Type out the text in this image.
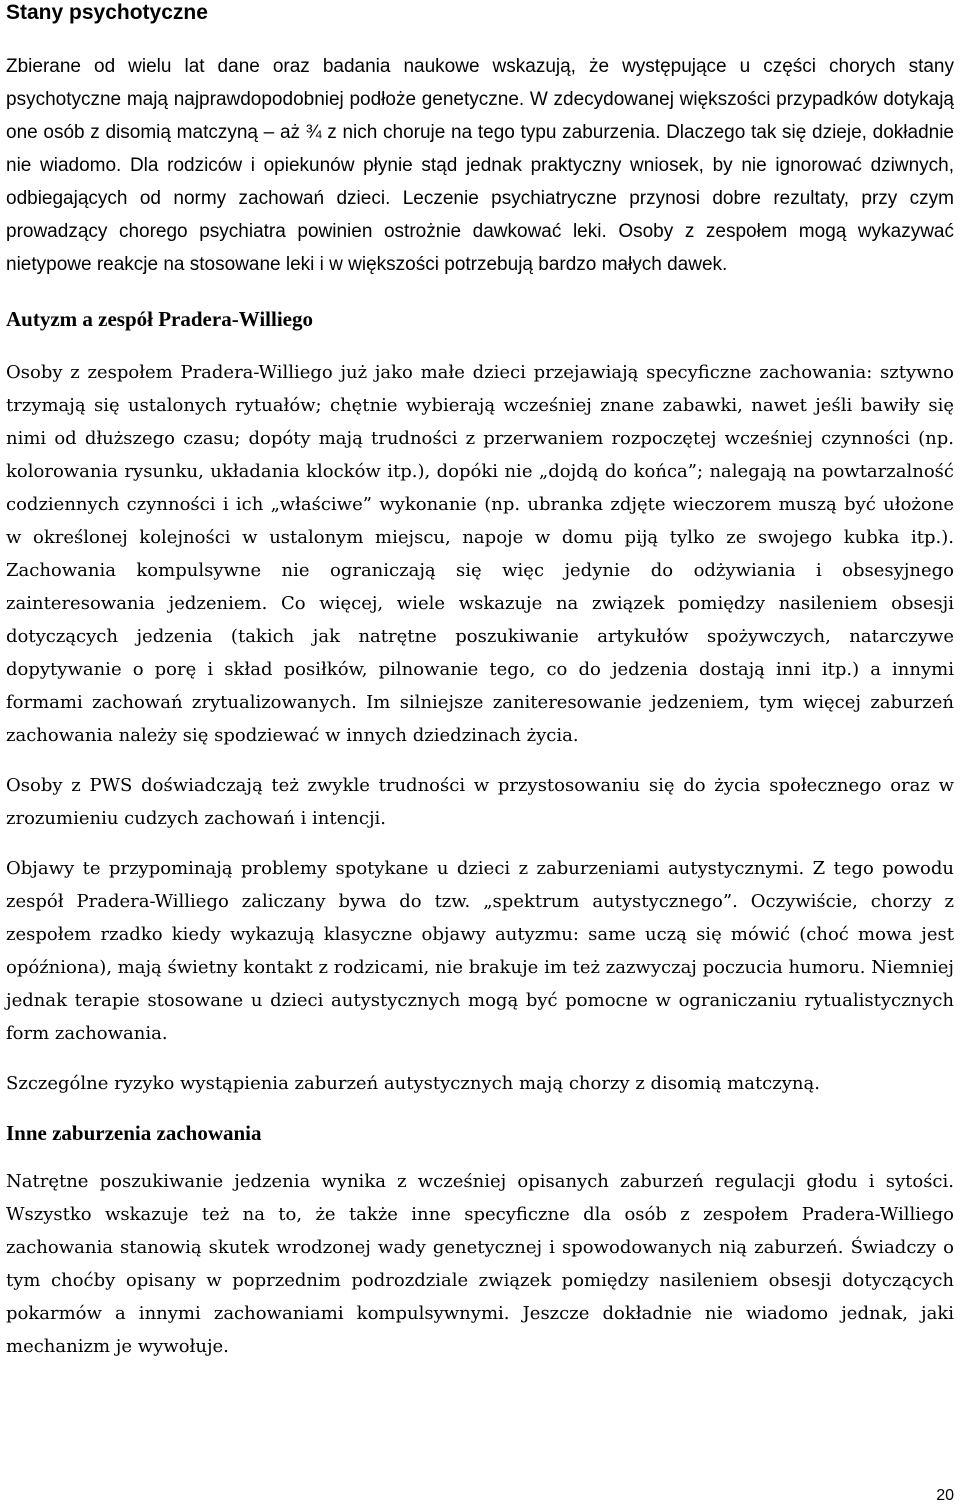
Stany psychotyczne

Zbierane od wielu lat dane oraz badania naukowe wskazują, że występujące u części chorych stany psychotyczne mają najprawdopodobniej podłoże genetyczne. W zdecydowanej większości przypadków dotykają one osób z disomią matczyną – aż ¾ z nich choruje na tego typu zaburzenia. Dlaczego tak się dzieje, dokładnie nie wiadomo. Dla rodziców i opiekunów płynie stąd jednak praktyczny wniosek, by nie ignorować dziwnych, odbiegających od normy zachowań dzieci. Leczenie psychiatryczne przynosi dobre rezultaty, przy czym prowadzący chorego psychiatra powinien ostrożnie dawkować leki. Osoby z zespołem mogą wykazywać nietypowe reakcje na stosowane leki i w większości potrzebują bardzo małych dawek.

Autyzm a zespół Pradera-Williego

Osoby z zespołem Pradera-Williego już jako małe dzieci przejawiają specyficzne zachowania: sztywno trzymają się ustalonych rytuałów; chętnie wybierają wcześniej znane zabawki, nawet jeśli bawiły się nimi od dłuższego czasu; dopóty mają trudności z przerwaniem rozpoczętej wcześniej czynności (np. kolorowania rysunku, układania klocków itp.), dopóki nie „dojdą do końca”; nalegają na powtarzalność codziennych czynności i ich „właściwe” wykonanie (np. ubranka zdjęte wieczorem muszą być ułożone w określonej kolejności w ustalonym miejscu, napoje w domu piją tylko ze swojego kubka itp.). Zachowania kompulsywne nie ograniczają się więc jedynie do odżywiania i obsesyjnego zainteresowania jedzeniem. Co więcej, wiele wskazuje na związek pomiędzy nasileniem obsesji dotyczących jedzenia (takich jak natrętne poszukiwanie artykułów spożywczych, natarczywe dopytywanie o porę i skład posiłków, pilnowanie tego, co do jedzenia dostają inni itp.) a innymi formami zachowań zrytualizowanych. Im silniejsze zaniteresowanie jedzeniem, tym więcej zaburzeń zachowania należy się spodziewać w innych dziedzinach życia.

Osoby z PWS doświadczają też zwykle trudności w przystosowaniu się do życia społecznego oraz w zrozumieniu cudzych zachowań i intencji.

Objawy te przypominają problemy spotykane u dzieci z zaburzeniami autystycznymi. Z tego powodu zespół Pradera-Williego zaliczany bywa do tzw. „spektrum autystycznego”. Oczywiście, chorzy z zespołem rzadko kiedy wykazują klasyczne objawy autyzmu: same uczą się mówić (choć mowa jest opóźniona), mają świetny kontakt z rodzicami, nie brakuje im też zazwyczaj poczucia humoru. Niemniej jednak terapie stosowane u dzieci autystycznych mogą być pomocne w ograniczaniu rytualistycznych form zachowania.

Szczególne ryzyko wystąpienia zaburzeń autystycznych mają chorzy z disomią matczyną.

Inne zaburzenia zachowania

Natrętne poszukiwanie jedzenia wynika z wcześniej opisanych zaburzeń regulacji głodu i sytości. Wszystko wskazuje też na to, że także inne specyficzne dla osób z zespołem Pradera-Williego zachowania stanowią skutek wrodzonej wady genetycznej i spowodowanych nią zaburzeń. Świadczy o tym choćby opisany w poprzednim podrozdziale związek pomiędzy nasileniem obsesji dotyczących pokarmów a innymi zachowaniami kompulsywnymi. Jeszcze dokładnie nie wiadomo jednak, jaki mechanizm je wywołuje.

20
